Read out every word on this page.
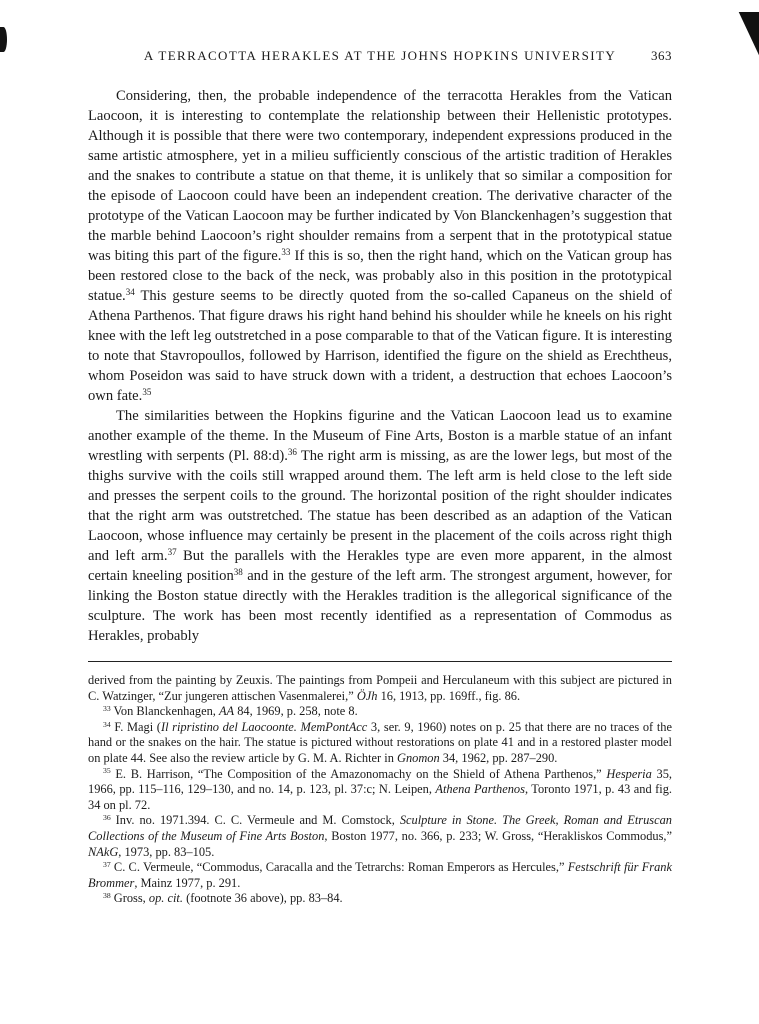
A TERRACOTTA HERAKLES AT THE JOHNS HOPKINS UNIVERSITY	363

Considering, then, the probable independence of the terracotta Herakles from the Vatican Laocoon, it is interesting to contemplate the relationship between their Hellenistic prototypes. Although it is possible that there were two contemporary, independent expressions produced in the same artistic atmosphere, yet in a milieu sufficiently conscious of the artistic tradition of Herakles and the snakes to contribute a statue on that theme, it is unlikely that so similar a composition for the episode of Laocoon could have been an independent creation. The derivative character of the prototype of the Vatican Laocoon may be further indicated by Von Blanckenhagen’s suggestion that the marble behind Laocoon’s right shoulder remains from a serpent that in the prototypical statue was biting this part of the figure.$^{33}$ If this is so, then the right hand, which on the Vatican group has been restored close to the back of the neck, was probably also in this position in the prototypical statue.$^{34}$ This gesture seems to be directly quoted from the so-called Capaneus on the shield of Athena Parthenos. That figure draws his right hand behind his shoulder while he kneels on his right knee with the left leg outstretched in a pose comparable to that of the Vatican figure. It is interesting to note that Stavropoullos, followed by Harrison, identified the figure on the shield as Erechtheus, whom Poseidon was said to have struck down with a trident, a destruction that echoes Laocoon’s own fate.$^{35}$

The similarities between the Hopkins figurine and the Vatican Laocoon lead us to examine another example of the theme. In the Museum of Fine Arts, Boston is a marble statue of an infant wrestling with serpents (Pl. 88:d).$^{36}$ The right arm is missing, as are the lower legs, but most of the thighs survive with the coils still wrapped around them. The left arm is held close to the left side and presses the serpent coils to the ground. The horizontal position of the right shoulder indicates that the right arm was outstretched. The statue has been described as an adaption of the Vatican Laocoon, whose influence may certainly be present in the placement of the coils across right thigh and left arm.$^{37}$ But the parallels with the Herakles type are even more apparent, in the almost certain kneeling position$^{38}$ and in the gesture of the left arm. The strongest argument, however, for linking the Boston statue directly with the Herakles tradition is the allegorical significance of the sculpture. The work has been most recently identified as a representation of Commodus as Herakles, probably

derived from the painting by Zeuxis. The paintings from Pompeii and Herculaneum with this subject are pictured in C. Watzinger, “Zur jungeren attischen Vasenmalerei,” ÖJh 16, 1913, pp. 169ff., fig. 86.

$^{33}$ Von Blanckenhagen, AA 84, 1969, p. 258, note 8.

$^{34}$ F. Magi (Il ripristino del Laocoonte. MemPontAcc 3, ser. 9, 1960) notes on p. 25 that there are no traces of the hand or the snakes on the hair. The statue is pictured without restorations on plate 41 and in a restored plaster model on plate 44. See also the review article by G. M. A. Richter in Gnomon 34, 1962, pp. 287–290.

$^{35}$ E. B. Harrison, “The Composition of the Amazonomachy on the Shield of Athena Parthenos,” Hesperia 35, 1966, pp. 115–116, 129–130, and no. 14, p. 123, pl. 37:c; N. Leipen, Athena Parthenos, Toronto 1971, p. 43 and fig. 34 on pl. 72.

$^{36}$ Inv. no. 1971.394. C. C. Vermeule and M. Comstock, Sculpture in Stone. The Greek, Roman and Etruscan Collections of the Museum of Fine Arts Boston, Boston 1977, no. 366, p. 233; W. Gross, “Herakliskos Commodus,” NAkG, 1973, pp. 83–105.

$^{37}$ C. C. Vermeule, “Commodus, Caracalla and the Tetrarchs: Roman Emperors as Hercules,” Festschrift für Frank Brommer, Mainz 1977, p. 291.

$^{38}$ Gross, op. cit. (footnote 36 above), pp. 83–84.
